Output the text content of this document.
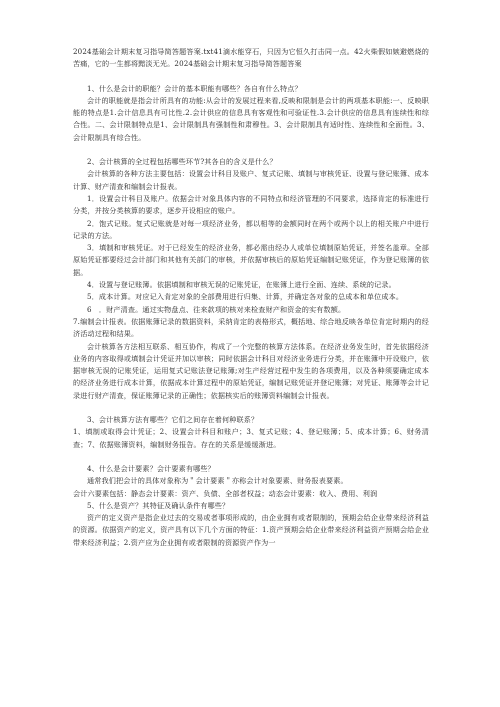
2024基础会计期末复习指导简答题答案.txt41滴水能穿石，只因为它恒久打击同一点。42火柴假如嫉避燃烧的苦痛，它的一生都将黯淡无光。2024基础会计期末复习指导简答题答案

1、什么是会计的职能？会计的基本职能有哪些？各自有什么特点？

会计的职能就是指会计所具有的功能:从会计的发展过程来看,反映和限制是会计的两项基本职能:一、反映职能的特点是1.会计信息具有可比性.2.会计供应的信息具有客观性和可验证性.3.会计供应的信息具有连续性和综合性。二、会计限制特点是1、会计限制具有强制性和肃穆性。3、会计限制具有适时性、连续性和全面性。3、会计限制具有综合性。

2、会计核算的全过程包括哪些环节?其各自的含义是什么？

会计核算的各种方法主要包括：设置会计科目及账户、复式记账、填制与审核凭证、设置与登记账簿、成本计算、财产清查和编制会计报表。

1．设置会计科目及账户。依据会计对象具体内容的不同特点和经济管理的不同要求，选择肯定的标准进行分类，并按分类核算的要求，逐步开设相应的账户。

2．饱式记账。复式记账就是对每一项经济业务，都以相等的金额同时在两个或两个以上的相关账户中进行记录的方法。

3．填制和审核凭证。对于已经发生的经济业务，都必需由经办人或单位填制原始凭证，并签名盖章。全部原始凭证都要经过会计部门和其他有关部门的审核，并依据审核后的原始凭证编制记账凭证，作为登记账簿的依据。

4．设置与登记账簿。依据填制和审核无误的记账凭证，在账簿上进行全面、连续、系统的记录。

5．成本计算。对应记入肯定对象的全部费用进行归集、计算，并确定各对象的总成本和单位成本。

6　．财产清查。通过实物盘点、往来款项的核对来检查财产和资金的实有数额。

7.编制会计报表。依据账簿记录的数据资料，采纳肯定的表格形式，概括地、综合地反映各单位肯定时期内的经济活动过程和结果。

会计核算各方法相互联系、相互协作，构成了一个完整的核算方法体系。在经济业务发生时，首先依据经济业务的内容取得或填制会计凭证并加以审核；同时依据会计科目对经济业务进行分类，并在账簿中开设账户，依据审核无误的记账凭证，运用复式记账法登记账簿;对生产经营过程中发生的各项费用，以及各种须要确定成本的经济业务进行成本计算，依据成本计算过程中的原始凭证，编制记账凭证并登记账簿；对凭证、账簿等会计记录进行财产清查，保证账簿记录的正确性；依据核实后的账簿资料编制会计报表。

3、会计核算方法有哪些？它们之间存在着何种联系？

1、填制或取得会计凭证；2、设置会计科目和账户；3、复式记账；4、登记账簿；5、成本计算；6、财务清查；7、依据账簿资料，编制财务报告。存在的关系是缓缓渐进。

4、什么是会计要素？会计要素有哪些？

通常我们把会计的具体对象称为＂会计要素＂亦称会计对象要素、财务报表要素。

会计六要素包括：静态会计要素：资产、负债、全部者权益；动态会计要素：收入、费用、利润

5、什么是资产？其特征及确认条件有哪些？

资产的定义资产是指企业过去的交易或者事项形成的，由企业拥有或者限制的，预期会给企业带来经济利益的资源。依据资产的定义，资产具有以下几个方面的特征：1.资产预期会给企业带来经济利益资产预期会给企业带来经济利益；2.资产应为企业拥有或者限制的资源资产作为一
